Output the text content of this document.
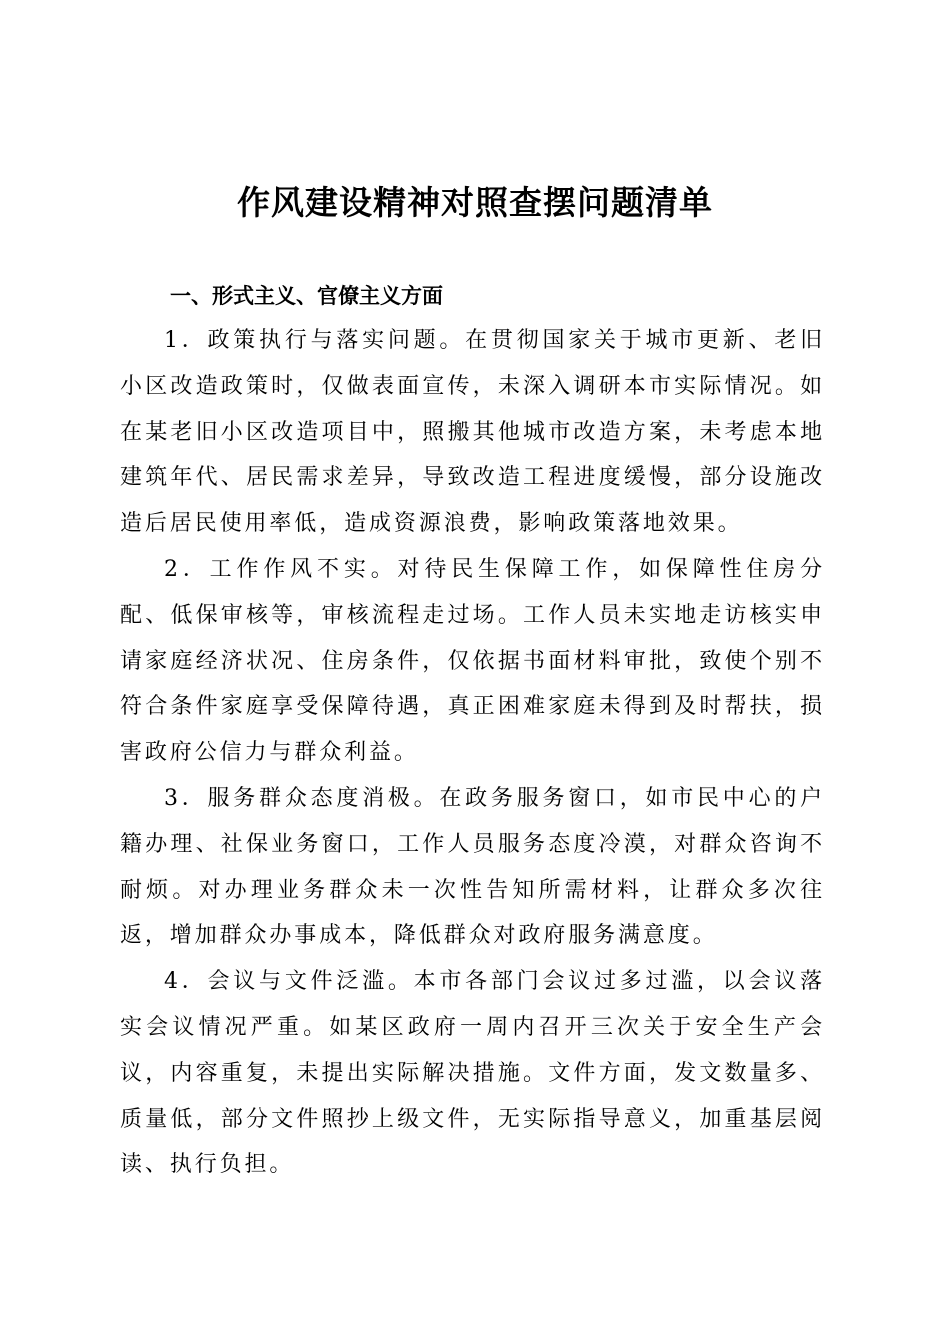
作风建设精神对照查摆问题清单
一、形式主义、官僚主义方面

1．政策执行与落实问题。在贯彻国家关于城市更新、老旧小区改造政策时，仅做表面宣传，未深入调研本市实际情况。如在某老旧小区改造项目中，照搬其他城市改造方案，未考虑本地建筑年代、居民需求差异，导致改造工程进度缓慢，部分设施改造后居民使用率低，造成资源浪费，影响政策落地效果。

2．工作作风不实。对待民生保障工作，如保障性住房分配、低保审核等，审核流程走过场。工作人员未实地走访核实申请家庭经济状况、住房条件，仅依据书面材料审批，致使个别不符合条件家庭享受保障待遇，真正困难家庭未得到及时帮扶，损害政府公信力与群众利益。

3．服务群众态度消极。在政务服务窗口，如市民中心的户籍办理、社保业务窗口，工作人员服务态度冷漠，对群众咨询不耐烦。对办理业务群众未一次性告知所需材料，让群众多次往返，增加群众办事成本，降低群众对政府服务满意度。

4．会议与文件泛滥。本市各部门会议过多过滥，以会议落实会议情况严重。如某区政府一周内召开三次关于安全生产会议，内容重复，未提出实际解决措施。文件方面，发文数量多、质量低，部分文件照抄上级文件，无实际指导意义，加重基层阅读、执行负担。
